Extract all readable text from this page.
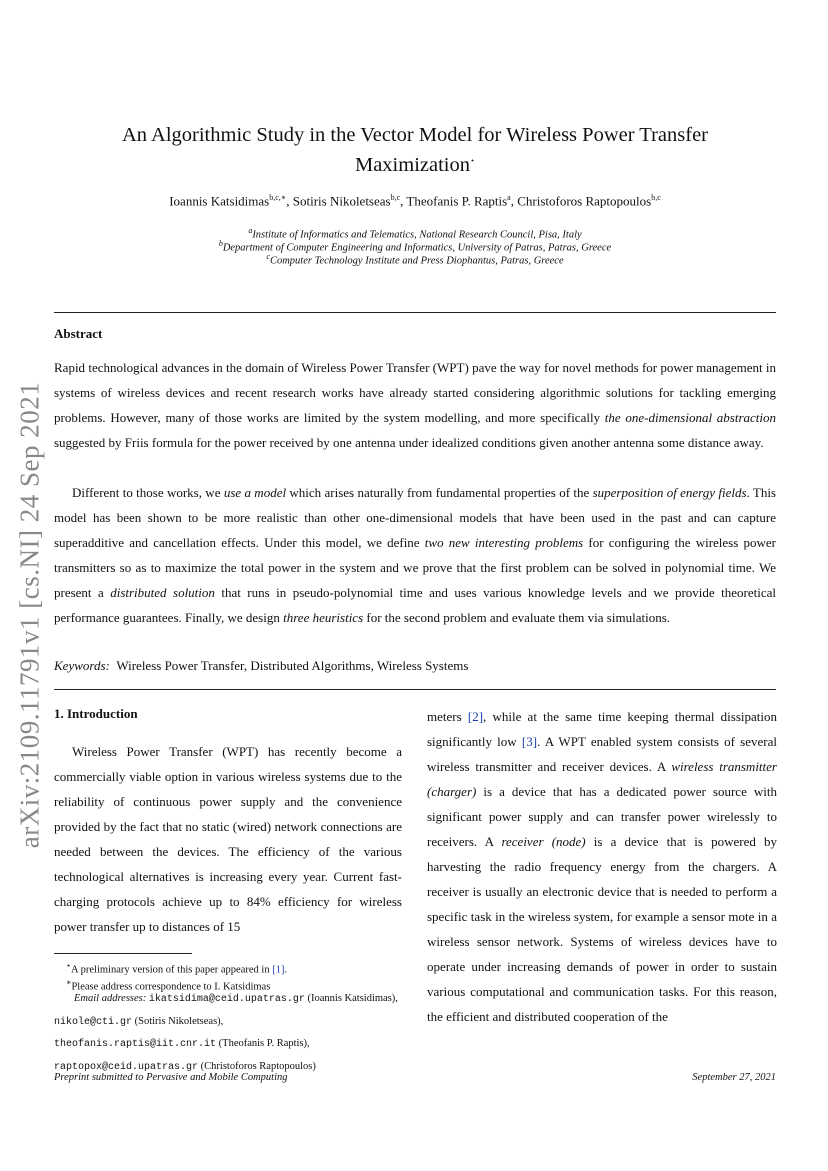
arXiv:2109.11791v1 [cs.NI] 24 Sep 2021
An Algorithmic Study in the Vector Model for Wireless Power Transfer
Maximization⋆
Ioannis Katsidimas$^{b,c,∗}$, Sotiris Nikoletseas$^{b,c}$, Theofanis P. Raptis$^a$, Christoforos Raptopoulos$^{b,c}$
$^a$Institute of Informatics and Telematics, National Research Council, Pisa, Italy
$^b$Department of Computer Engineering and Informatics, University of Patras, Patras, Greece
$^c$Computer Technology Institute and Press Diophantus, Patras, Greece
Abstract
Rapid technological advances in the domain of Wireless Power Transfer (WPT) pave the way for novel methods for power management in systems of wireless devices and recent research works have already started considering algorithmic solutions for tackling emerging problems. However, many of those works are limited by the system modelling, and more specifically the one-dimensional abstraction suggested by Friis formula for the power received by one antenna under idealized conditions given another antenna some distance away.
Different to those works, we use a model which arises naturally from fundamental properties of the superposition of energy fields. This model has been shown to be more realistic than other one-dimensional models that have been used in the past and can capture superadditive and cancellation effects. Under this model, we define two new interesting problems for configuring the wireless power transmitters so as to maximize the total power in the system and we prove that the first problem can be solved in polynomial time. We present a distributed solution that runs in pseudo-polynomial time and uses various knowledge levels and we provide theoretical performance guarantees. Finally, we design three heuristics for the second problem and evaluate them via simulations.
Keywords: Wireless Power Transfer, Distributed Algorithms, Wireless Systems
1. Introduction
Wireless Power Transfer (WPT) has recently become a commercially viable option in various wireless systems due to the reliability of continuous power supply and the convenience provided by the fact that no static (wired) network connections are needed between the devices. The efficiency of the various technological alternatives is increasing every year. Current fast-charging protocols achieve up to 84% efficiency for wireless power transfer up to distances of 15
⋆A preliminary version of this paper appeared in [1].
∗Please address correspondence to I. Katsidimas
Email addresses: ikatsidima@ceid.upatras.gr (Ioannis Katsidimas), nikole@cti.gr (Sotiris Nikoletseas),
theofanis.raptis@iit.cnr.it (Theofanis P. Raptis),
raptopox@ceid.upatras.gr (Christoforos Raptopoulos)
meters [2], while at the same time keeping thermal dissipation significantly low [3]. A WPT enabled system consists of several wireless transmitter and receiver devices. A wireless transmitter (charger) is a device that has a dedicated power source with significant power supply and can transfer power wirelessly to receivers. A receiver (node) is a device that is powered by harvesting the radio frequency energy from the chargers. A receiver is usually an electronic device that is needed to perform a specific task in the wireless system, for example a sensor mote in a wireless sensor network. Systems of wireless devices have to operate under increasing demands of power in order to sustain various computational and communication tasks. For this reason, the efficient and distributed cooperation of the
Preprint submitted to Pervasive and Mobile Computing	September 27, 2021
